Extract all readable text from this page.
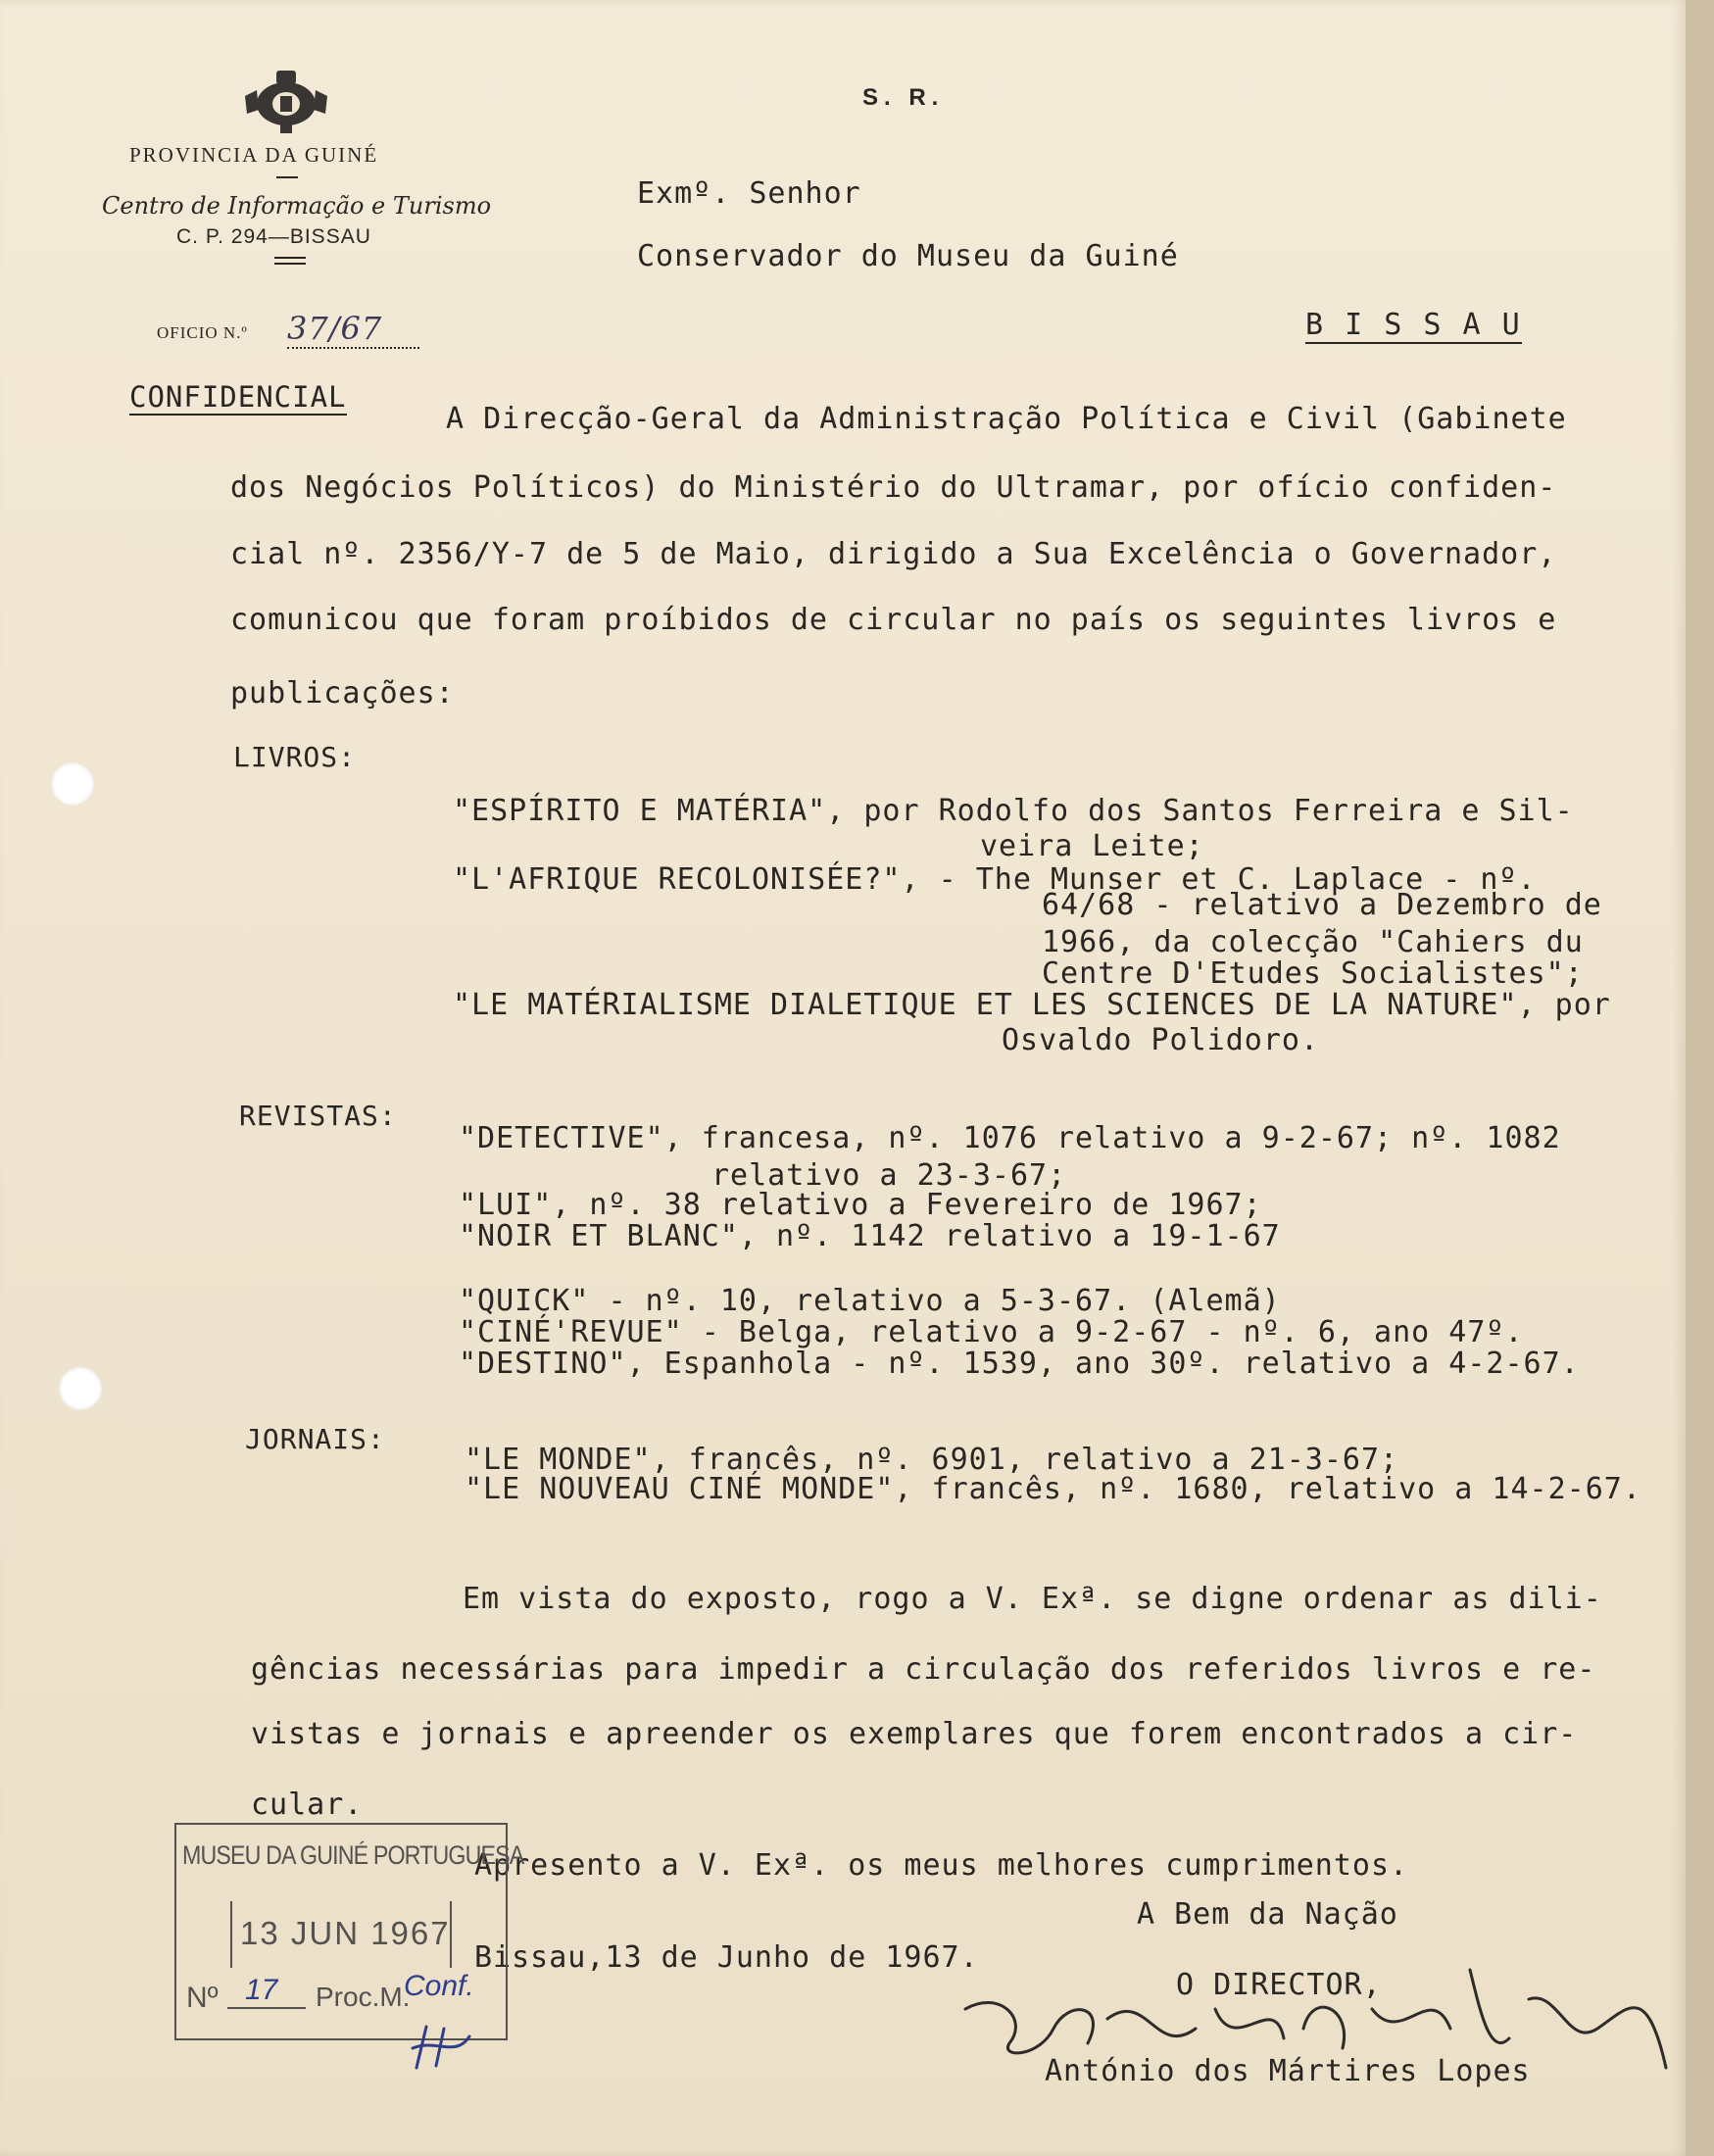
PROVINCIA DA GUINÉ
Centro de Informação e Turismo
C. P. 294—BISSAU
OFICIO N.º 37/67
S. R.
Exmº. Senhor
Conservador do Museu da Guiné
B I S S A U
CONFIDENCIAL
A Direcção-Geral da Administração Política e Civil (Gabinete
dos Negócios Políticos) do Ministério do Ultramar, por ofício confiden-
cial nº. 2356/Y-7 de 5 de Maio, dirigido a Sua Excelência o Governador,
comunicou que foram proíbidos de circular no país os seguintes livros e
publicações:
LIVROS:
"ESPÍRITO E MATÉRIA", por Rodolfo dos Santos Ferreira e Sil-
veira Leite;
"L'AFRIQUE RECOLONISÉE?", - The Munser et C. Laplace - nº.
64/68 - relativo a Dezembro de
1966, da colecção "Cahiers du
Centre D'Etudes Socialistes";
"LE MATÉRIALISME DIALETIQUE ET LES SCIENCES DE LA NATURE", por
Osvaldo Polidoro.
REVISTAS:
"DETECTIVE", francesa, nº. 1076 relativo a 9-2-67; nº. 1082
relativo a 23-3-67;
"LUI", nº. 38 relativo a Fevereiro de 1967;
"NOIR ET BLANC", nº. 1142 relativo a 19-1-67
"QUICK" - nº. 10, relativo a 5-3-67. (Alemã)
"CINÉ'REVUE" - Belga, relativo a 9-2-67 - nº. 6, ano 47º.
"DESTINO", Espanhola - nº. 1539, ano 30º. relativo a 4-2-67.
JORNAIS:
"LE MONDE", francês, nº. 6901, relativo a 21-3-67;
"LE NOUVEAU CINÉ MONDE", francês, nº. 1680, relativo a 14-2-67.
Em vista do exposto, rogo a V. Exª. se digne ordenar as dili-
gências necessárias para impedir a circulação dos referidos livros e re-
vistas e jornais e apreender os exemplares que forem encontrados a cir-
cular.
Apresento a V. Exª. os meus melhores cumprimentos.
A Bem da Nação
Bissau,13 de Junho de 1967.
O DIRECTOR,
António dos Mártires Lopes
MUSEU DA GUINÉ PORTUGUESA
13 JUN 1967
Nº 17 Proc.M.
Conf.
